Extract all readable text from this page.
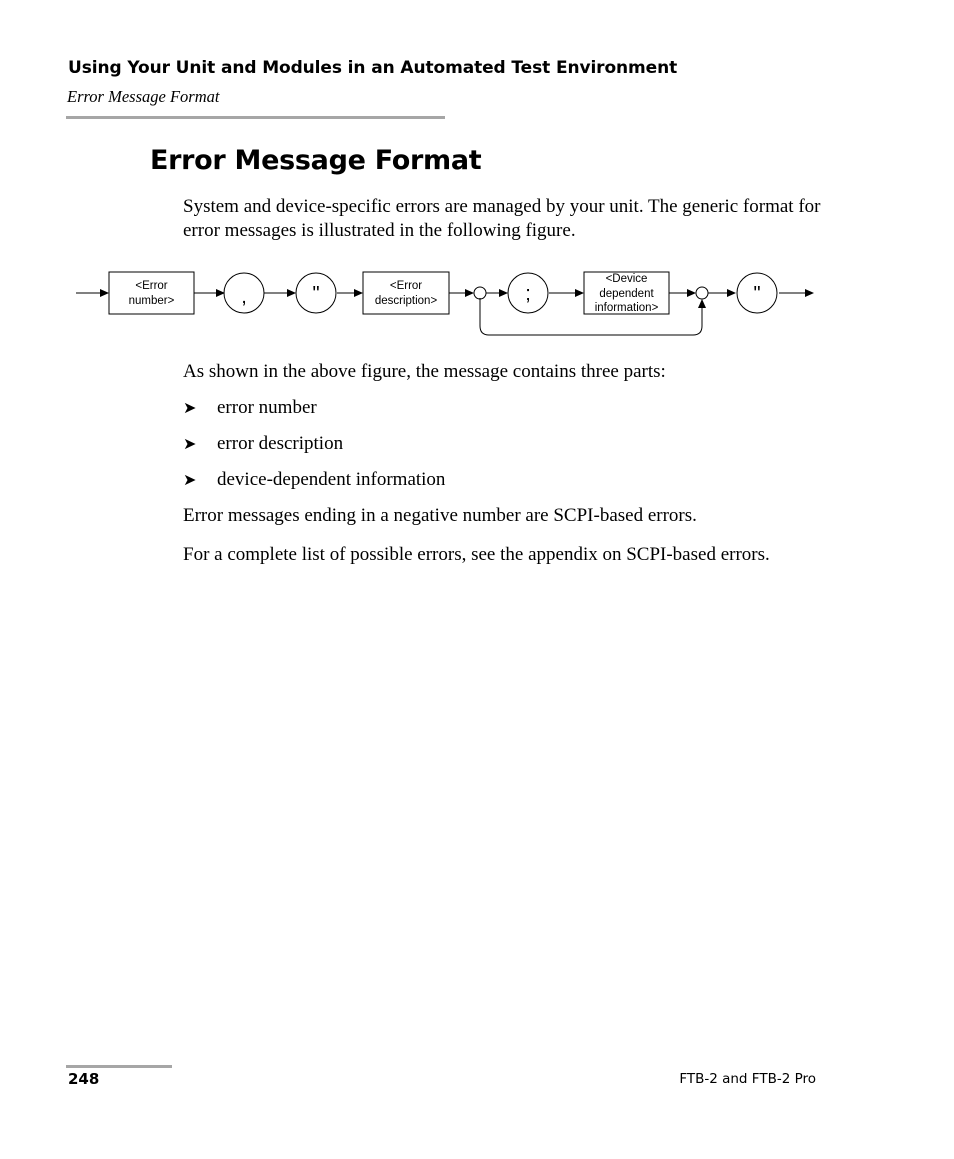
Using Your Unit and Modules in an Automated Test Environment
Error Message Format
Error Message Format
System and device-specific errors are managed by your unit. The generic format for error messages is illustrated in the following figure.
<Error
number>	,	"	<Error
description>	;
<Device
dependent
information>
"
As shown in the above figure, the message contains three parts:
➤ error number
➤ error description
➤ device-dependent information
Error messages ending in a negative number are SCPI-based errors.
For a complete list of possible errors, see the appendix on SCPI-based errors.
248	FTB-2 and FTB-2 Pro
